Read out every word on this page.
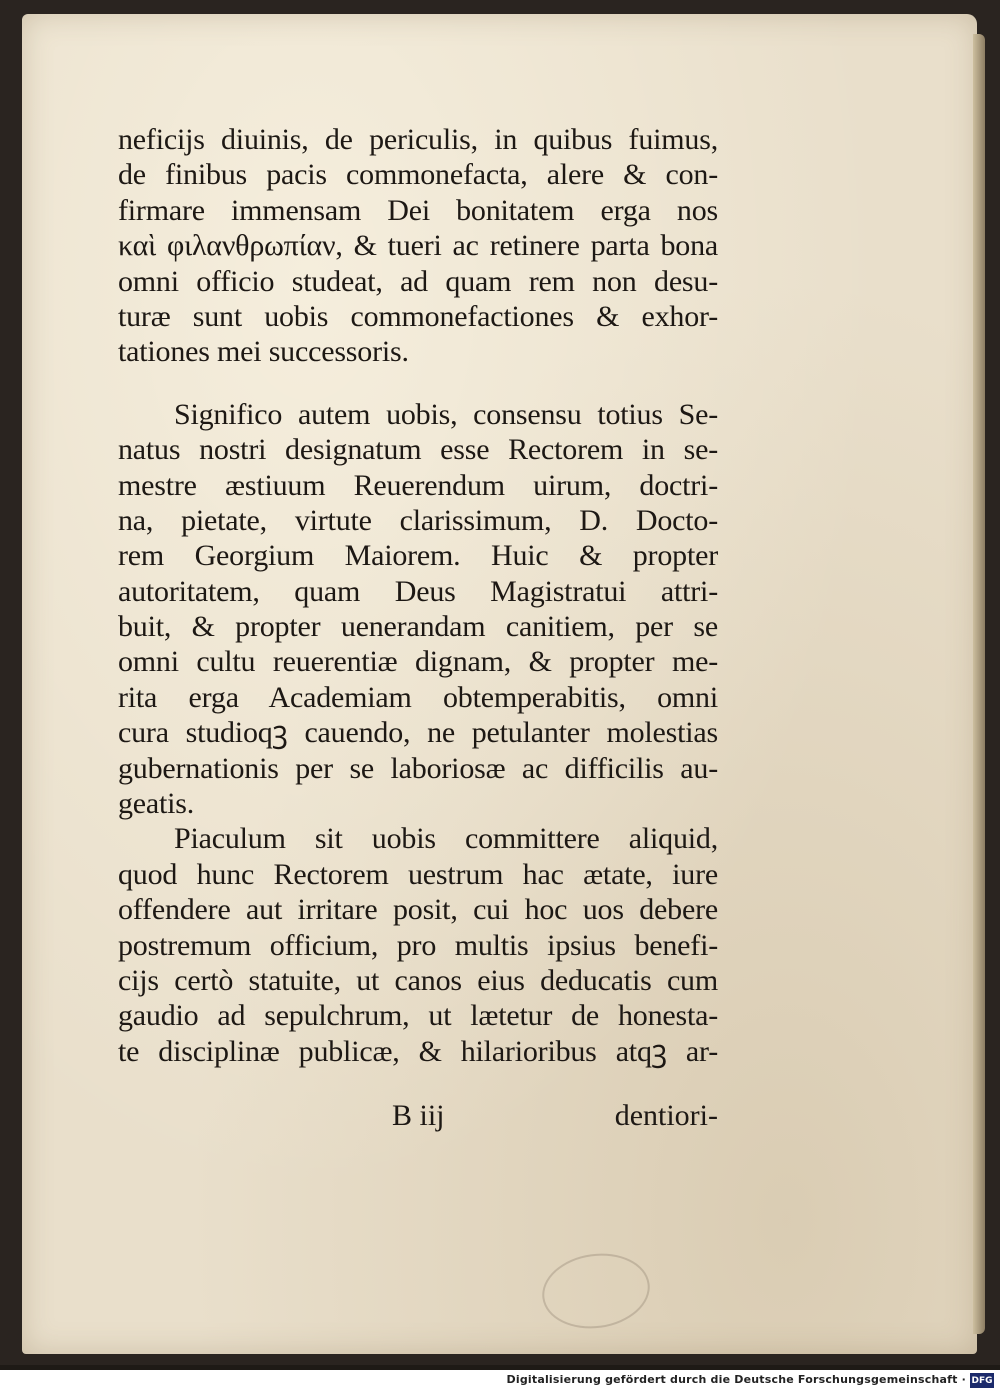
neficijs diuinis, de periculis, in quibus fuimus,
de finibus pacis commonefacta, alere & con-
firmare immensam Dei bonitatem erga nos
καὶ φιλανθρωπίαν, & tueri ac retinere parta bona
omni officio studeat, ad quam rem non desu-
turæ sunt uobis commonefactiones & exhor-
tationes mei successoris.
Significo autem uobis, consensu totius Se-
natus nostri designatum esse Rectorem in se-
mestre æstiuum Reuerendum uirum, doctri-
na, pietate, virtute clarissimum, D. Docto-
rem Georgium Maiorem. Huic & propter
autoritatem, quam Deus Magistratui attri-
buit, & propter uenerandam canitiem, per se
omni cultu reuerentiæ dignam, & propter me-
rita erga Academiam obtemperabitis, omni
cura studioqꝫ cauendo, ne petulanter molestias
gubernationis per se laboriosæ ac difficilis au-
geatis.
Piaculum sit uobis committere aliquid,
quod hunc Rectorem uestrum hac ætate, iure
offendere aut irritare posit, cui hoc uos debere
postremum officium, pro multis ipsius benefi-
cijs certò statuite, ut canos eius deducatis cum
gaudio ad sepulchrum, ut lætetur de honesta-
te disciplinæ publicæ, & hilarioribus atqꝫ ar-
B iij	dentiori-
Digitalisierung gefördert durch die Deutsche Forschungsgemeinschaft · DFG
